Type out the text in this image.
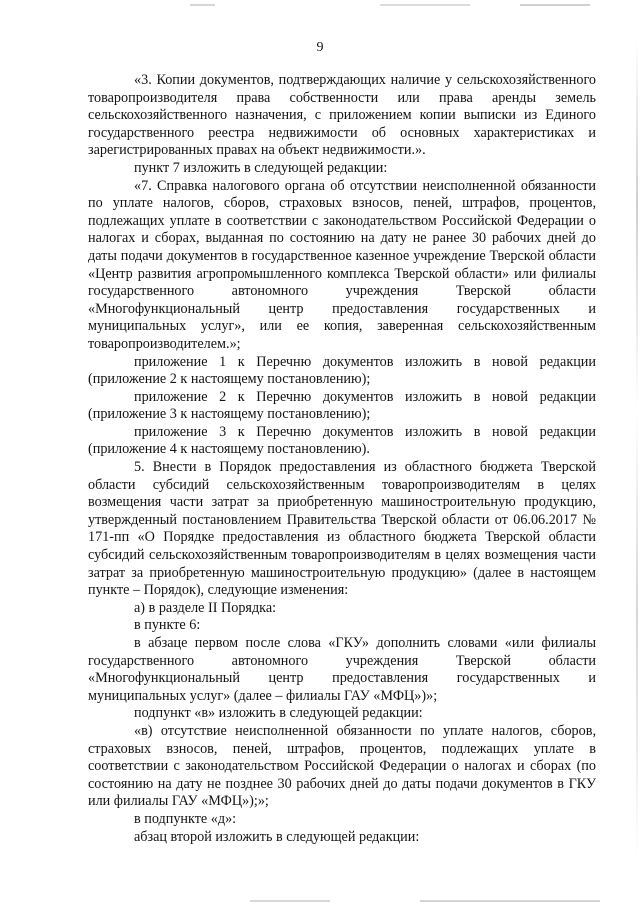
9

«3. Копии документов, подтверждающих наличие у сельскохозяйственного товаропроизводителя права собственности или права аренды земель сельскохозяйственного назначения, с приложением копии выписки из Единого государственного реестра недвижимости об основных характеристиках и зарегистрированных правах на объект недвижимости.».

пункт 7 изложить в следующей редакции:

«7. Справка налогового органа об отсутствии неисполненной обязанности по уплате налогов, сборов, страховых взносов, пеней, штрафов, процентов, подлежащих уплате в соответствии с законодательством Российской Федерации о налогах и сборах, выданная по состоянию на дату не ранее 30 рабочих дней до даты подачи документов в государственное казенное учреждение Тверской области «Центр развития агропромышленного комплекса Тверской области» или филиалы государственного автономного учреждения Тверской области «Многофункциональный центр предоставления государственных и муниципальных услуг», или ее копия, заверенная сельскохозяйственным товаропроизводителем.»;

приложение 1 к Перечню документов изложить в новой редакции (приложение 2 к настоящему постановлению);

приложение 2 к Перечню документов изложить в новой редакции (приложение 3 к настоящему постановлению);

приложение 3 к Перечню документов изложить в новой редакции (приложение 4 к настоящему постановлению).

5. Внести в Порядок предоставления из областного бюджета Тверской области субсидий сельскохозяйственным товаропроизводителям в целях возмещения части затрат за приобретенную машиностроительную продукцию, утвержденный постановлением Правительства Тверской области от 06.06.2017 № 171-пп «О Порядке предоставления из областного бюджета Тверской области субсидий сельскохозяйственным товаропроизводителям в целях возмещения части затрат за приобретенную машиностроительную продукцию» (далее в настоящем пункте – Порядок), следующие изменения:

а) в разделе II Порядка:

в пункте 6:

в абзаце первом после слова «ГКУ» дополнить словами «или филиалы государственного автономного учреждения Тверской области «Многофункциональный центр предоставления государственных и муниципальных услуг» (далее – филиалы ГАУ «МФЦ»)»;

подпункт «в» изложить в следующей редакции:

«в) отсутствие неисполненной обязанности по уплате налогов, сборов, страховых взносов, пеней, штрафов, процентов, подлежащих уплате в соответствии с законодательством Российской Федерации о налогах и сборах (по состоянию на дату не позднее 30 рабочих дней до даты подачи документов в ГКУ или филиалы ГАУ «МФЦ»);»;

в подпункте «д»:

абзац второй изложить в следующей редакции:
